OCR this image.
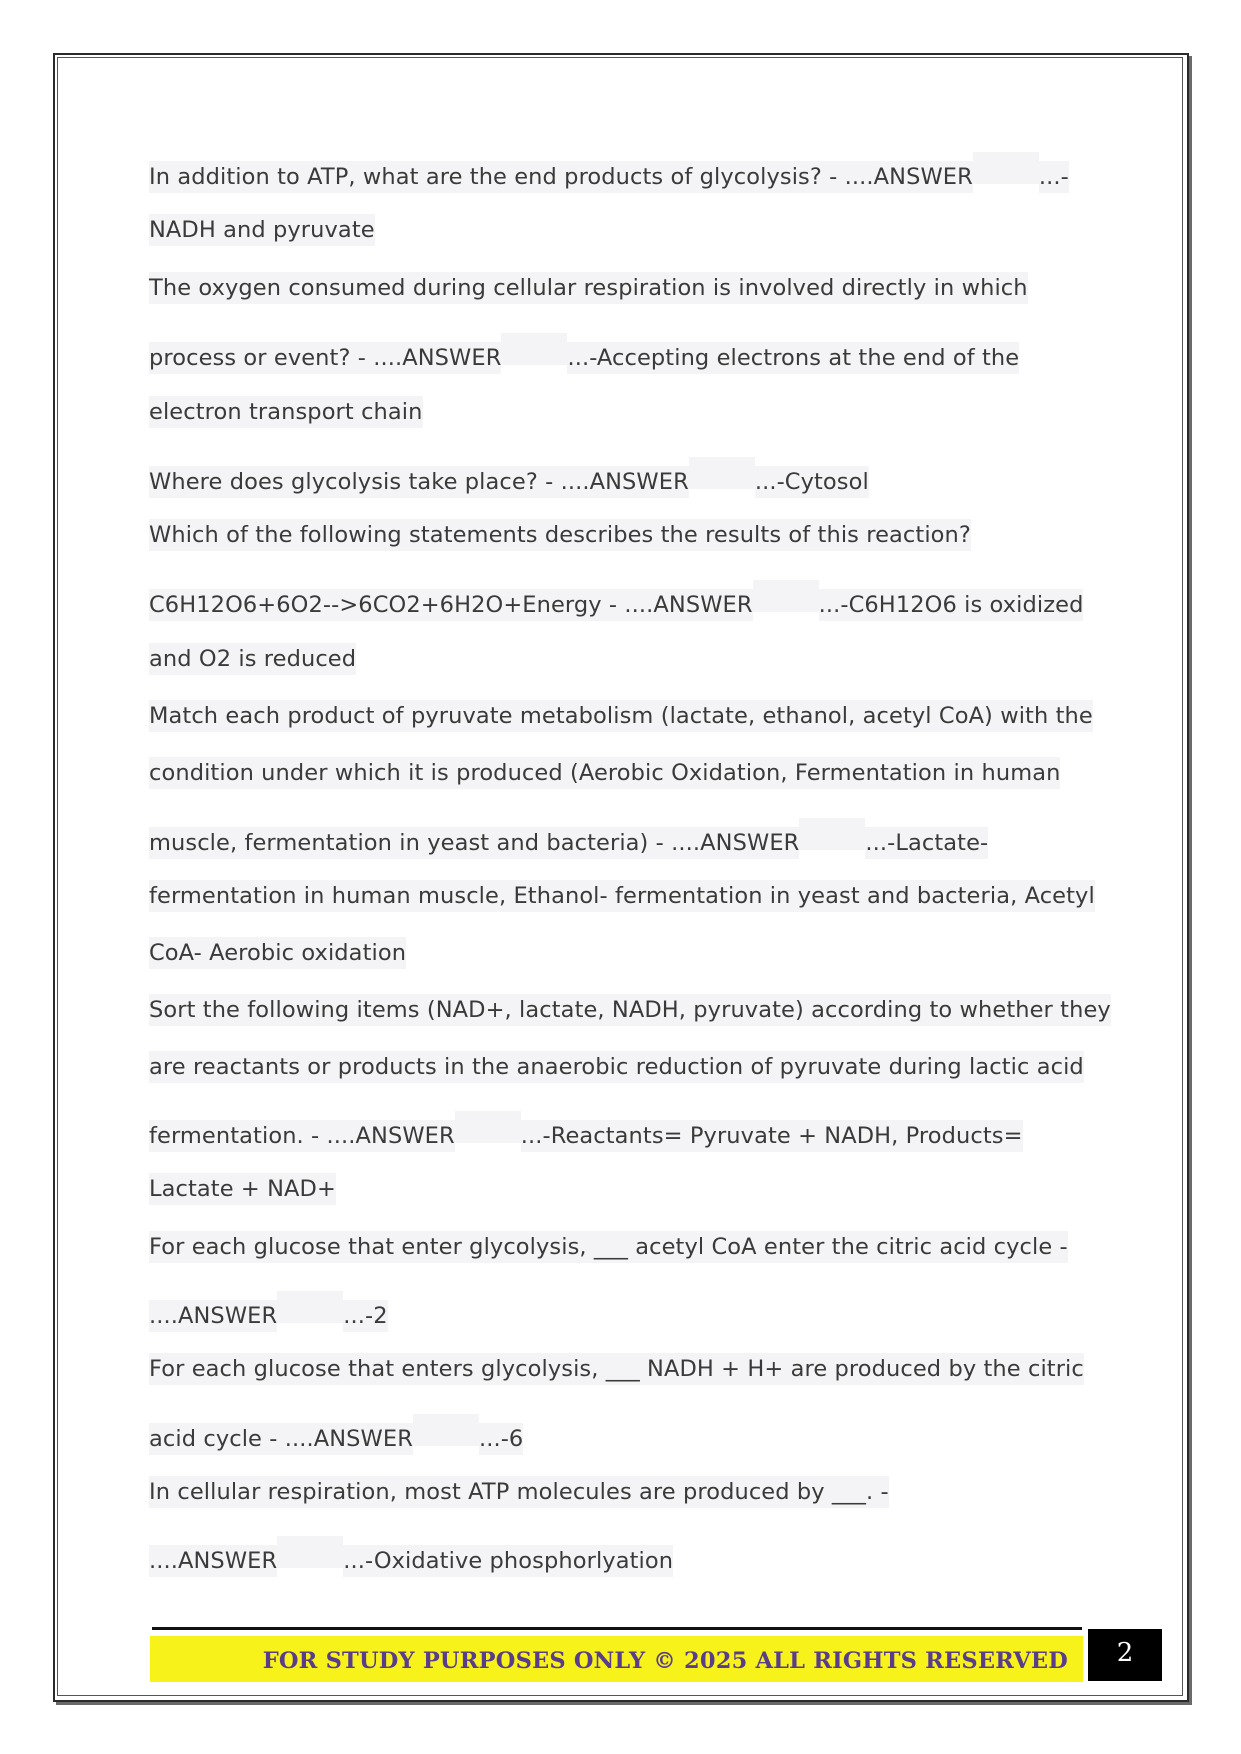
In addition to ATP, what are the end products of glycolysis? - ....ANSWER	...-
NADH and pyruvate
The oxygen consumed during cellular respiration is involved directly in which
process or event? - ....ANSWER	...-Accepting electrons at the end of the
electron transport chain
Where does glycolysis take place? - ....ANSWER	...-Cytosol
Which of the following statements describes the results of this reaction?
C6H12O6+6O2-->6CO2+6H2O+Energy - ....ANSWER	...-C6H12O6 is oxidized
and O2 is reduced
Match each product of pyruvate metabolism (lactate, ethanol, acetyl CoA) with the
condition under which it is produced (Aerobic Oxidation, Fermentation in human
muscle, fermentation in yeast and bacteria) - ....ANSWER	...-Lactate-
fermentation in human muscle, Ethanol- fermentation in yeast and bacteria, Acetyl
CoA- Aerobic oxidation
Sort the following items (NAD+, lactate, NADH, pyruvate) according to whether they
are reactants or products in the anaerobic reduction of pyruvate during lactic acid
fermentation. - ....ANSWER	...-Reactants= Pyruvate + NADH, Products=
Lactate + NAD+
For each glucose that enter glycolysis, ___ acetyl CoA enter the citric acid cycle -
....ANSWER	...-2
For each glucose that enters glycolysis, ___ NADH + H+ are produced by the citric
acid cycle - ....ANSWER	...-6
In cellular respiration, most ATP molecules are produced by ___. -
....ANSWER	...-Oxidative phosphorlyation
FOR STUDY PURPOSES ONLY © 2025 ALL RIGHTS RESERVED	2
